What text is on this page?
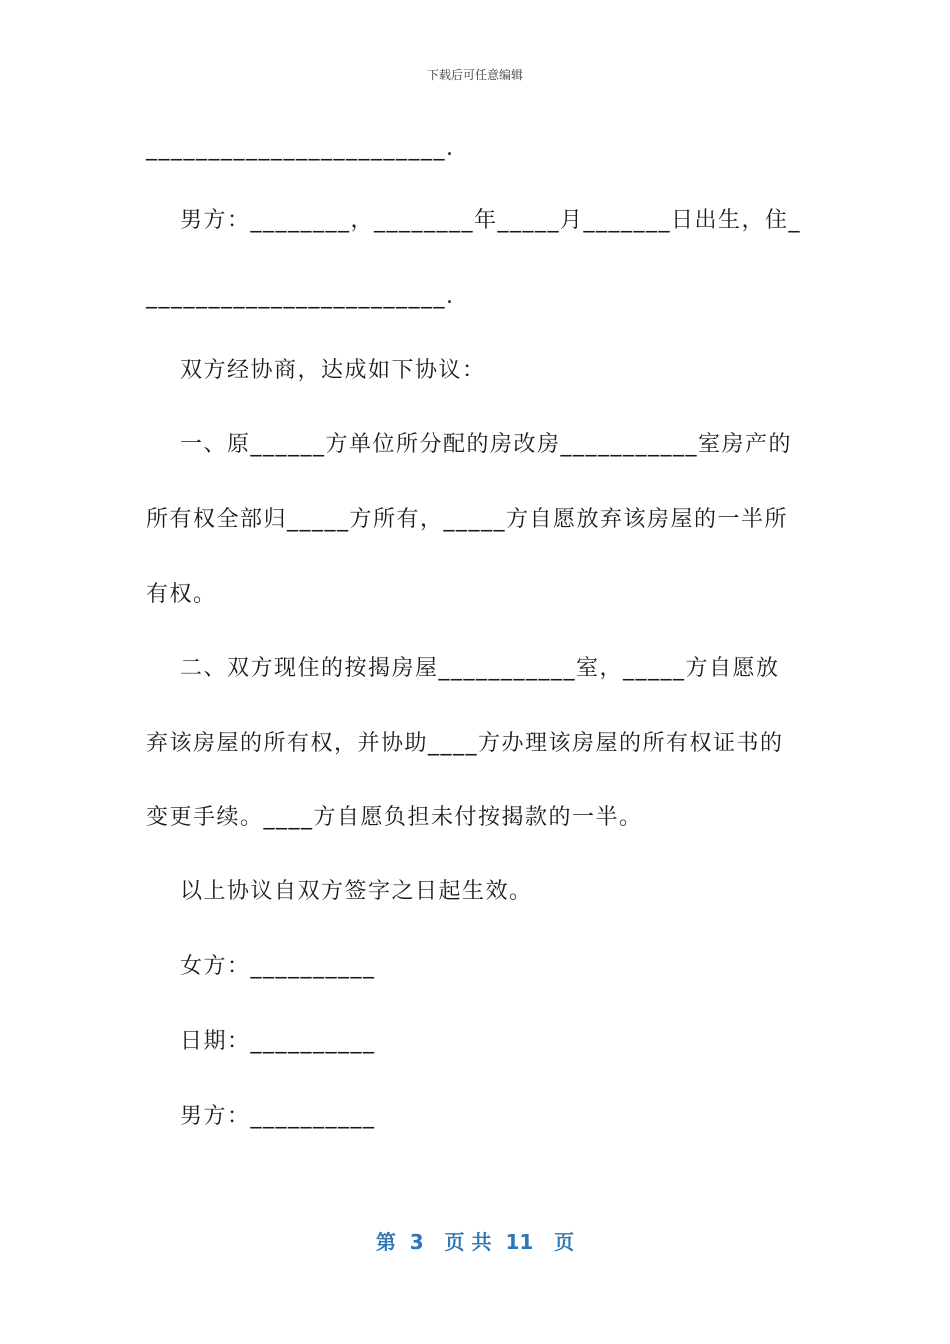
下载后可任意编辑
________________________.
男方：________，________年_____月_______日出生，住_
________________________.
双方经协商，达成如下协议：
一、原______方单位所分配的房改房___________室房产的
所有权全部归_____方所有，_____方自愿放弃该房屋的一半所
有权。
二、双方现住的按揭房屋___________室，_____方自愿放
弃该房屋的所有权，并协助____方办理该房屋的所有权证书的
变更手续。____方自愿负担未付按揭款的一半。
以上协议自双方签字之日起生效。
女方：__________
日期：__________
男方：__________
第  3   页 共  11   页
